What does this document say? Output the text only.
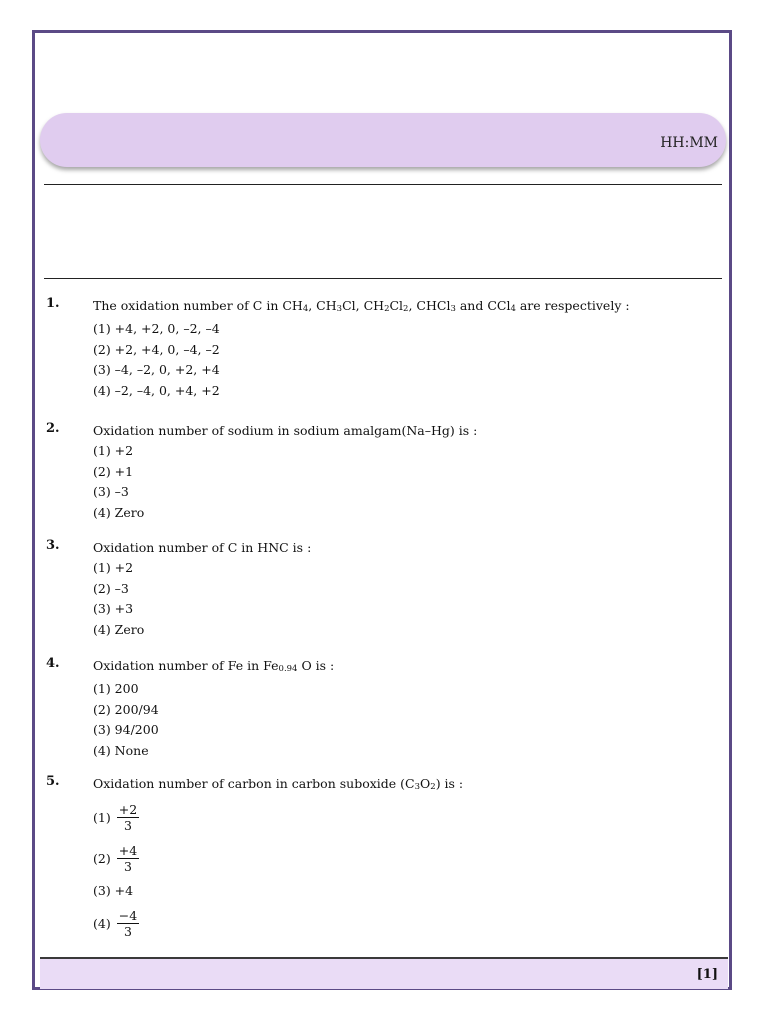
HH:MM
1.	The oxidation number of C in $CH_4$, $CH_3Cl$, $CH_2Cl_2$, CHCl$_3$ and CCl$_4$ are respectively :
(1) +4, +2, 0, –2, –4
(2) +2, +4, 0, –4, –2
(3) –4, –2, 0, +2, +4
(4) –2, –4, 0, +4, +2
2.	Oxidation number of sodium in sodium amalgam(Na–Hg) is :
(1) +2
(2) +1
(3) –3
(4) Zero
3.	Oxidation number of C in HNC is :
(1) +2
(2) –3
(3) +3
(4) Zero
4.	Oxidation number of Fe in $Fe_{0.94}$ O is :
(1) 200
(2) 200/94
(3) 94/200
(4) None
5.	Oxidation number of carbon in carbon suboxide $(C_3O_2)$ is :
$(1) \frac{+2}{3}$
$(2) \frac{+4}{3}$
(3) +4
$(4) \frac{-4}{3}$
[1]
